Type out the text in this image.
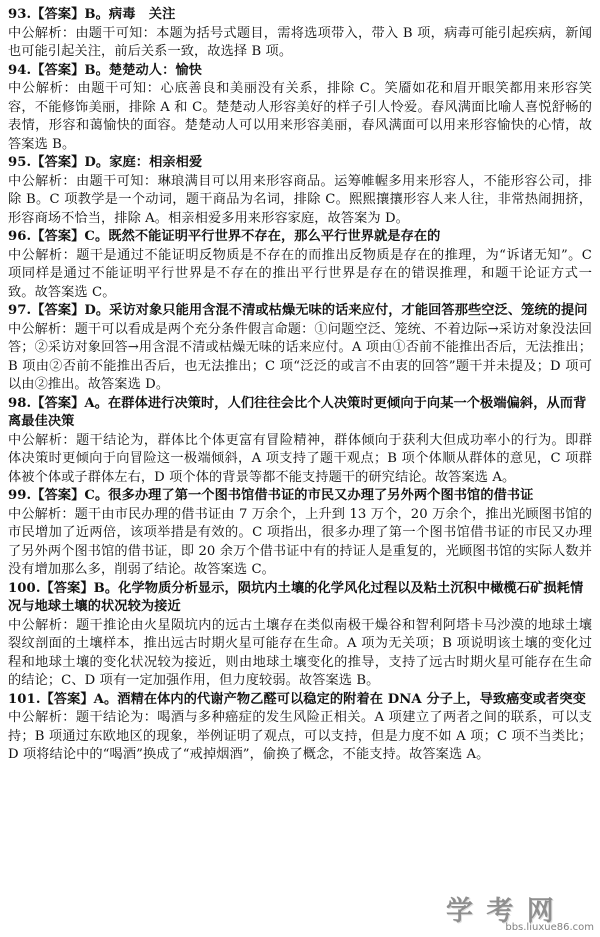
93.【答案】B。病毒　关注

中公解析：由题干可知：本题为括号式题目，需将选项带入，带入 B 项，病毒可能引起疾病，新闻也可能引起关注，前后关系一致，故选择 B 项。

94.【答案】B。楚楚动人：愉快

中公解析：由题干可知：心底善良和美丽没有关系，排除 C。笑靥如花和眉开眼笑都用来形容笑容，不能修饰美丽，排除 A 和 C。楚楚动人形容美好的样子引人怜爱。春风满面比喻人喜悦舒畅的表情，形容和蔼愉快的面容。楚楚动人可以用来形容美丽，春风满面可以用来形容愉快的心情，故答案选 B。

95.【答案】D。家庭：相亲相爱

中公解析：由题干可知：琳琅满目可以用来形容商品。运筹帷幄多用来形容人，不能形容公司，排除 B。C 项教学是一个动词，题干商品为名词，排除 C。熙熙攘攘形容人来人往，非常热闹拥挤，形容商场不恰当，排除 A。相亲相爱多用来形容家庭，故答案为 D。

96.【答案】C。既然不能证明平行世界不存在，那么平行世界就是存在的

中公解析：题干是通过不能证明反物质是不存在的而推出反物质是存在的推理，为“诉诸无知”。C 项同样是通过不能证明平行世界是不存在的推出平行世界是存在的错误推理，和题干论证方式一致。故答案选 C。

97.【答案】D。采访对象只能用含混不清或枯燥无味的话来应付，才能回答那些空泛、笼统的提问

中公解析：题干可以看成是两个充分条件假言命题：①问题空泛、笼统、不着边际→采访对象没法回答；②采访对象回答→用含混不清或枯燥无味的话来应付。A 项由①否前不能推出否后，无法推出；B 项由②否前不能推出否后，也无法推出；C 项“泛泛的或言不由衷的回答”题干并未提及；D 项可以由②推出。故答案选 D。

98.【答案】A。在群体进行决策时，人们往往会比个人决策时更倾向于向某一个极端偏斜，从而背离最佳决策

中公解析：题干结论为，群体比个体更富有冒险精神，群体倾向于获利大但成功率小的行为。即群体决策时更倾向于向冒险这一极端倾斜，A 项支持了题干观点；B 项个体顺从群体的意见，C 项群体被个体或子群体左右，D 项个体的背景等都不能支持题干的研究结论。故答案选 A。

99.【答案】C。很多办理了第一个图书馆借书证的市民又办理了另外两个图书馆的借书证

中公解析：题干由市民办理的借书证由 7 万余个，上升到 13 万个，20 万余个，推出光顾图书馆的市民增加了近两倍，该项举措是有效的。C 项指出，很多办理了第一个图书馆借书证的市民又办理了另外两个图书馆的借书证，即 20 余万个借书证中有的持证人是重复的，光顾图书馆的实际人数并没有增加那么多，削弱了结论。故答案选 C。

100.【答案】B。化学物质分析显示，陨坑内土壤的化学风化过程以及粘土沉积中橄榄石矿损耗情况与地球土壤的状况较为接近

中公解析：题干推论由火星陨坑内的远古土壤存在类似南极干燥谷和智利阿塔卡马沙漠的地球土壤裂纹剖面的土壤样本，推出远古时期火星可能存在生命。A 项为无关项；B 项说明该土壤的变化过程和地球土壤的变化状况较为接近，则由地球土壤变化的推导，支持了远古时期火星可能存在生命的结论；C、D 项有一定加强作用，但力度较弱。故答案选 B。

101.【答案】A。酒精在体内的代谢产物乙醛可以稳定的附着在 DNA 分子上，导致癌变或者突变

中公解析：题干结论为：喝酒与多种癌症的发生风险正相关。A 项建立了两者之间的联系，可以支持；B 项通过东欧地区的现象，举例证明了观点，可以支持，但是力度不如 A 项；C 项不当类比；D 项将结论中的“喝酒”换成了“戒掉烟酒”，偷换了概念，不能支持。故答案选 A。

学 考 网
bbs.liuxue86.com
